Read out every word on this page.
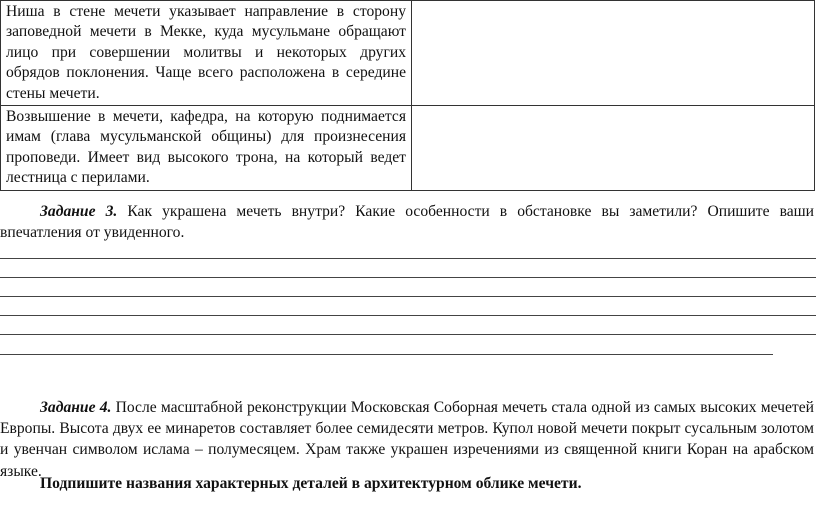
Ниша в стене мечети указывает направление в сторону заповедной мечети в Мекке, куда мусульмане обращают лицо при совершении молитвы и некоторых других обрядов поклонения. Чаще всего расположена в середине стены мечети.	
Возвышение в мечети, кафедра, на которую поднимается имам (глава мусульманской общины) для произнесения проповеди. Имеет вид высокого трона, на который ведет лестница с перилами.	
Задание 3. Как украшена мечеть внутри? Какие особенности в обстановке вы заметили? Опишите ваши впечатления от увиденного.
Задание 4. После масштабной реконструкции Московская Соборная мечеть стала одной из самых высоких мечетей Европы. Высота двух ее минаретов составляет более семидесяти метров. Купол новой мечети покрыт сусальным золотом и увенчан символом ислама – полумесяцем. Храм также украшен изречениями из священной книги Коран на арабском языке.
Подпишите названия характерных деталей в архитектурном облике мечети.
